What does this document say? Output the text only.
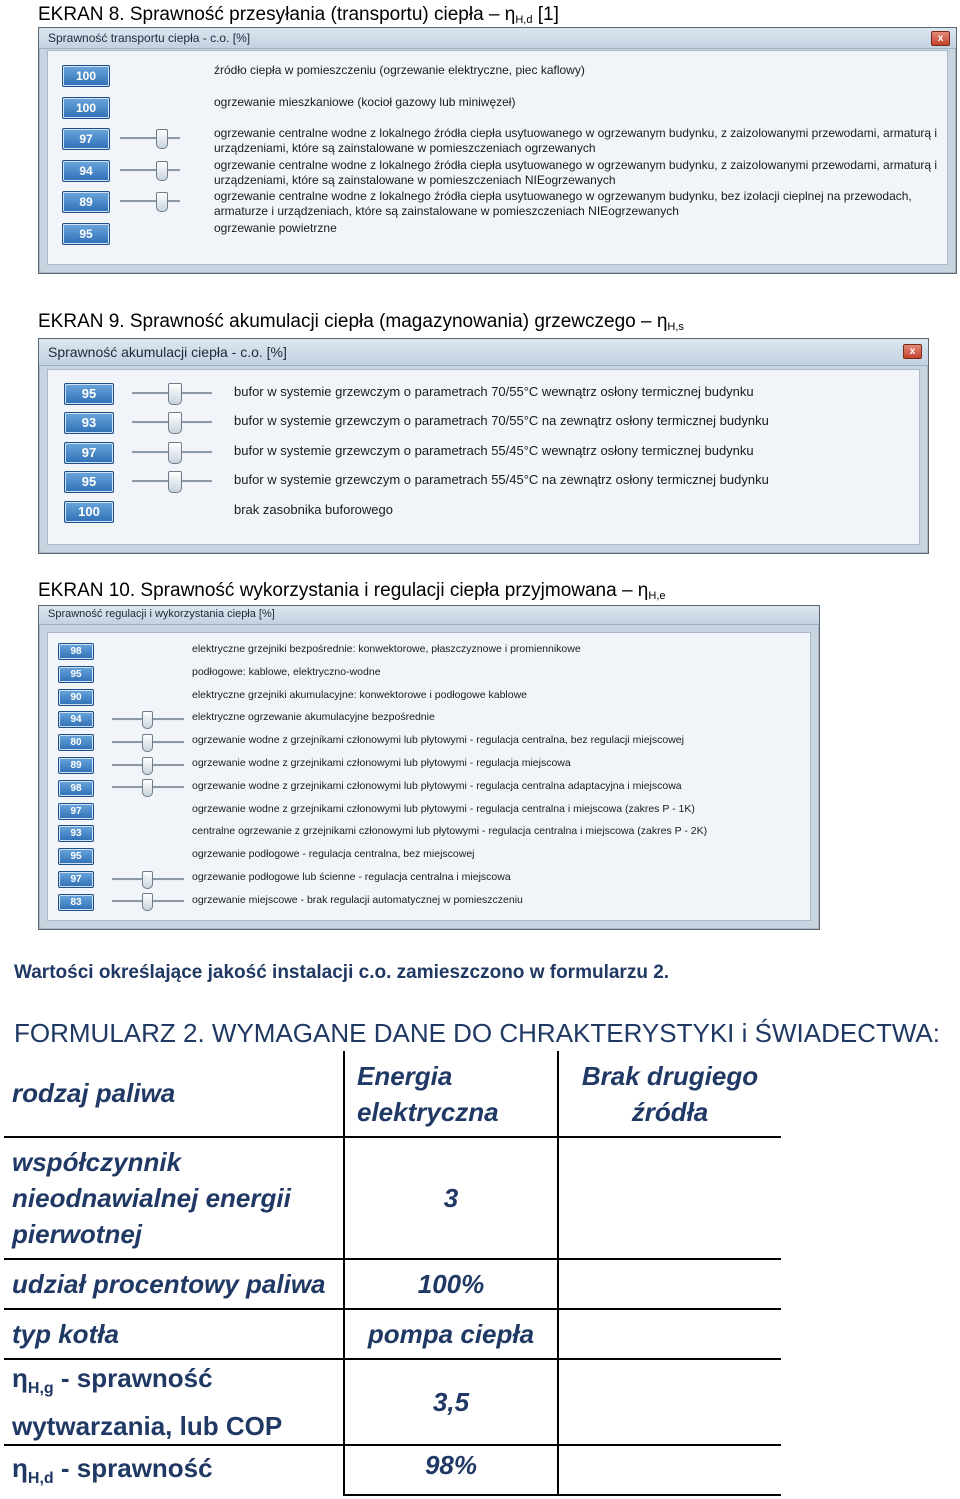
EKRAN 8. Sprawność przesyłania (transportu) ciepła – $\eta_{H,d}$ [1]
Sprawność transportu ciepła - c.o. [%]	x
100	źródło ciepła w pomieszczeniu (ogrzewanie elektryczne, piec kaflowy)
100	ogrzewanie mieszkaniowe (kocioł gazowy lub miniwęzeł)
97	ogrzewanie centralne wodne z lokalnego źródła ciepła usytuowanego w ogrzewanym budynku, z zaizolowanymi przewodami, armaturą i urządzeniami, które są zainstalowane w pomieszczeniach ogrzewanych
94	ogrzewanie centralne wodne z lokalnego źródła ciepła usytuowanego w ogrzewanym budynku, z zaizolowanymi przewodami, armaturą i urządzeniami, które są zainstalowane w pomieszczeniach NIEogrzewanych
89	ogrzewanie centralne wodne z lokalnego źródła ciepła usytuowanego w ogrzewanym budynku, bez izolacji cieplnej na przewodach, armaturze i urządzeniach, które są zainstalowane w pomieszczeniach NIEogrzewanych
95	ogrzewanie powietrzne
EKRAN 9. Sprawność akumulacji ciepła (magazynowania) grzewczego – $\eta_{H,s}$
Sprawność akumulacji ciepła - c.o. [%]	x
95	bufor w systemie grzewczym o parametrach 70/55°C wewnątrz osłony termicznej budynku
93	bufor w systemie grzewczym o parametrach 70/55°C na zewnątrz osłony termicznej budynku
97	bufor w systemie grzewczym o parametrach 55/45°C wewnątrz osłony termicznej budynku
95	bufor w systemie grzewczym o parametrach 55/45°C na zewnątrz osłony termicznej budynku
100	brak zasobnika buforowego
EKRAN 10. Sprawność wykorzystania i regulacji ciepła przyjmowana – $\eta_{H,e}$
Sprawność regulacji i wykorzystania ciepła [%]
98	elektryczne grzejniki bezpośrednie: konwektorowe, płaszczyznowe i promiennikowe
95	podłogowe: kablowe, elektryczno-wodne
90	elektryczne grzejniki akumulacyjne: konwektorowe i podłogowe kablowe
94	elektryczne ogrzewanie akumulacyjne bezpośrednie
80	ogrzewanie wodne z grzejnikami członowymi lub płytowymi - regulacja centralna, bez regulacji miejscowej
89	ogrzewanie wodne z grzejnikami członowymi lub płytowymi - regulacja miejscowa
98	ogrzewanie wodne z grzejnikami członowymi lub płytowymi - regulacja centralna adaptacyjna i miejscowa
97	ogrzewanie wodne z grzejnikami członowymi lub płytowymi - regulacja centralna i miejscowa (zakres P - 1K)
93	centralne ogrzewanie z grzejnikami członowymi lub płytowymi - regulacja centralna i miejscowa (zakres P - 2K)
95	ogrzewanie podłogowe - regulacja centralna, bez miejscowej
97	ogrzewanie podłogowe lub ścienne - regulacja centralna i miejscowa
83	ogrzewanie miejscowe - brak regulacji automatycznej w pomieszczeniu
Wartości określające jakość instalacji c.o. zamieszczono w formularzu 2.
FORMULARZ 2. WYMAGANE DANE DO CHRAKTERYSTYKI i ŚWIADECTWA:
rodzaj paliwa	Energia elektryczna	Brak drugiego źródła
współczynnik nieodnawialnej energii pierwotnej	3	
udział procentowy paliwa	100%	
typ kotła	pompa ciepła	
$\eta_{H,g}$ - sprawność wytwarzania, lub COP	3,5	
$\eta_{H,d}$ - sprawność	98%	
